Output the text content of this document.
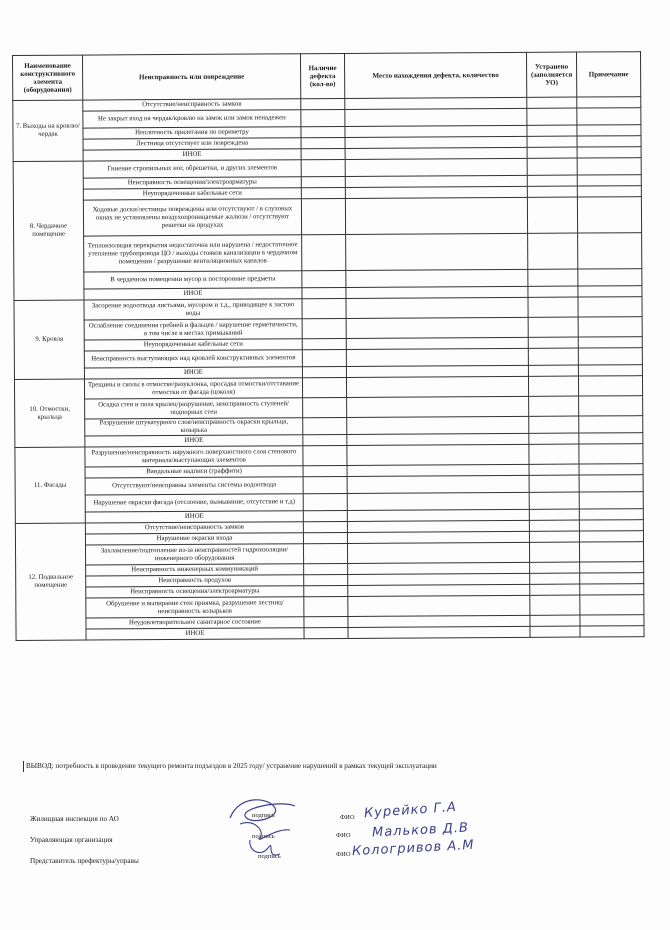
Наименование конструктивного элемента (оборудования)	Неисправность или повреждение	Наличие дефекта (кол-во)	Место нахождения дефекта, количество	Устранено (заполняется УО)	Примечание
7. Выходы на кровлю/чердак	Отсутствие/неисправность замков				
	Не закрыт вход на чердак/кровлю на замок или замок ненадежен				
	Неплотность прилегания по периметру				
	Лестница отсутствует или повреждена				
	ИНОЕ				
8. Чердачное помещение	Гниение стропильных ног, обрешетки, и других элементов				
	Неисправность освещения/электроарматуры				
	Неупорядоченные кабельные сети				
	Ходовые доски/лестницы повреждены или отсутствуют / в слуховых окнах не установлены воздухопроницаемые жалюзи / отсутствуют решетки на продухах				
	Теплоизоляция перекрытия недостаточна или нарушена / недостаточное утепление трубопровода ЦО / выходы стояков канализации в чердачном помещении / разрушение вентиляционных каналов				
	В чердачном помещении мусор и посторонние предметы				
	ИНОЕ				
9. Кровля	Засорение водоотвода листьями, мусором и т.д., приводящее к застою воды				
	Ослабление соединения гребней и фальцев / нарушение герметичности, в том числе в местах примыканий				
	Неупорядоченные кабельные сети				
	Неисправность выступающих над кровлей конструктивных элементов				
	ИНОЕ				
10. Отмостки, крыльца	Трещины и сколы в отмостке/разуклонка, просадка отмостки/отставание отмостки от фасада (цоколя)				
	Осадка стен и пола крылец/разрушение, неисправность ступеней/подпорных стен				
	Разрушение штукатурного слоя/неисправность окраски крыльца, козырька				
	ИНОЕ				
11. Фасады	Разрушение/неисправность наружного поверхностного слоя стенового материала/выступающих элементов				
	Вандальные надписи (граффити)				
	Отсутствуют/неисправны элементы системы водоотвода				
	Нарушение окраски фасада (отслоение, вымывание, отсутствие и т.д)				
	ИНОЕ				
12. Подвальное помещение	Отсутствие/неисправность замков				
	Нарушение окраски входа				
	Захламление/подтопление из-за неисправностей гидроизоляции/инженерного оборудования				
	Неисправность инженерных коммуникаций				
	Неисправность продухов				
	Неисправность освещения/электроарматуры				
	Обрушение и выпирание стен приямка, разрушение лестниц/неисправность козырьков				
	Неудовлетворительное санитарное состояние				
	ИНОЕ				
ВЫВОД: потребность в проведение текущего ремонта подъездов в 2025 году/ устранение нарушений в рамках текущей эксплуатации
Жилищная инспекция по АО
Управляющая организация
Представитель префектуры/управы
подпись
подпись
подпись
ФИО
ФИО
ФИО
Курейко Г.А
Мальков Д.В
Кологривов А.М
